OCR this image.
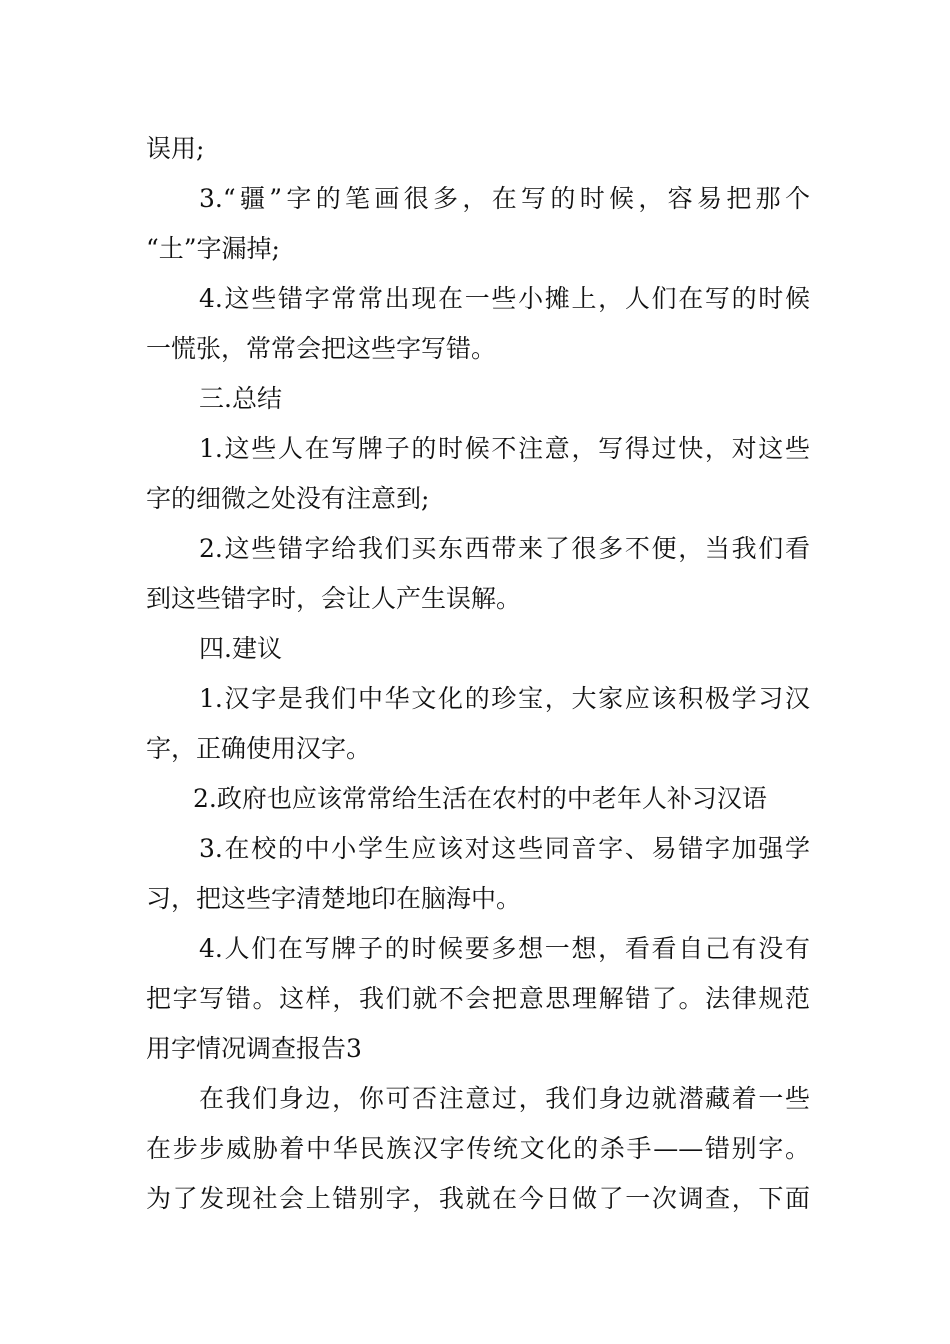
误用;
3.“疆”字的笔画很多，在写的时候，容易把那个
“土”字漏掉;
4.这些错字常常出现在一些小摊上，人们在写的时候
一慌张，常常会把这些字写错。
三.总结
1.这些人在写牌子的时候不注意，写得过快，对这些
字的细微之处没有注意到;
2.这些错字给我们买东西带来了很多不便，当我们看
到这些错字时，会让人产生误解。
四.建议
1.汉字是我们中华文化的珍宝，大家应该积极学习汉
字，正确使用汉字。
2.政府也应该常常给生活在农村的中老年人补习汉语
3.在校的中小学生应该对这些同音字、易错字加强学
习，把这些字清楚地印在脑海中。
4.人们在写牌子的时候要多想一想，看看自己有没有
把字写错。这样，我们就不会把意思理解错了。法律规范
用字情况调查报告3
在我们身边，你可否注意过，我们身边就潜藏着一些
在步步威胁着中华民族汉字传统文化的杀手——错别字。
为了发现社会上错别字，我就在今日做了一次调查，下面
